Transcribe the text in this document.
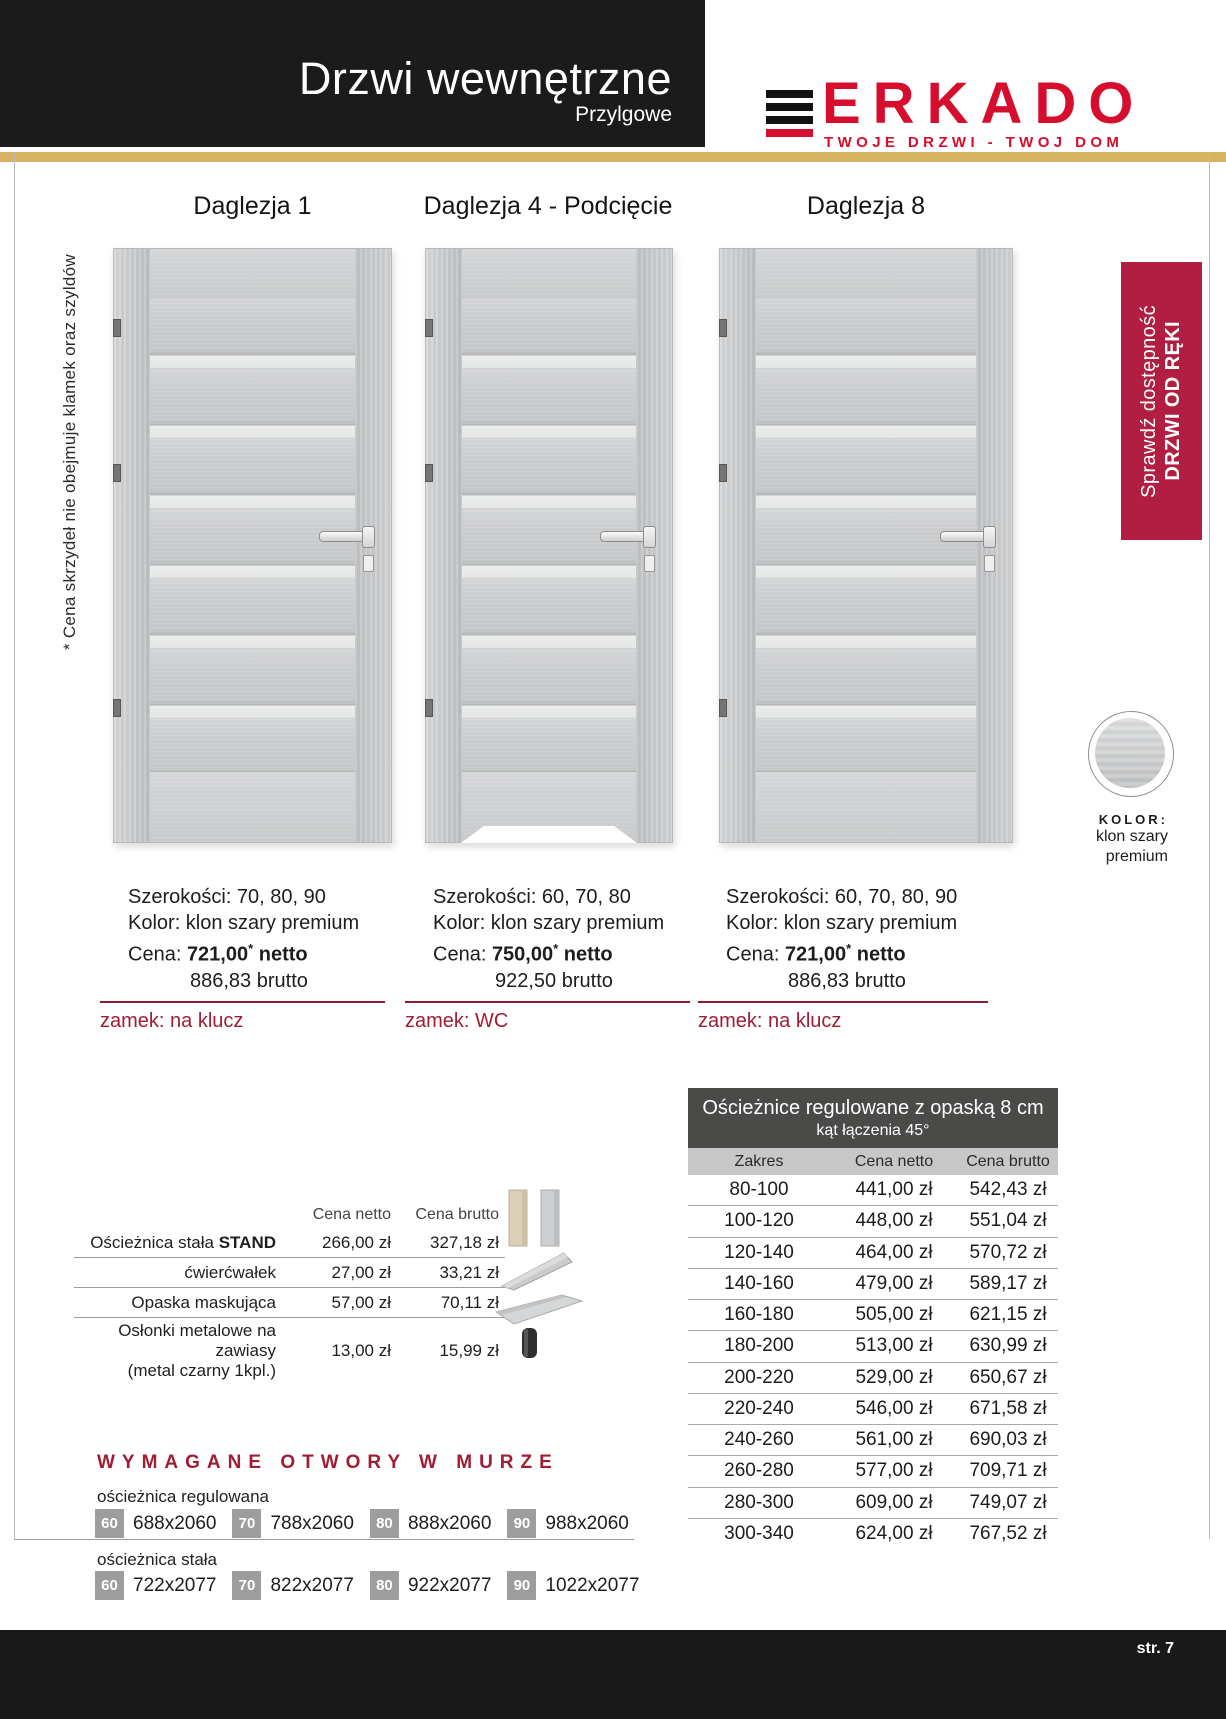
Drzwi wewnętrzne
Przylgowe	ERKADO
TWOJE DRZWI - TWOJ DOM
* Cena skrzydeł nie obejmuje klamek oraz szyldów	Sprawdź dostępność DRZWI OD RĘKI
Daglezja 1	Daglezja 4 - Podcięcie	Daglezja 8
Szerokości: 70, 80, 90
Kolor: klon szary premium
Cena: 721,00* netto
886,83 brutto
zamek: na klucz
Szerokości: 60, 70, 80
Kolor: klon szary premium
Cena: 750,00* netto
922,50 brutto
zamek: WC
Szerokości: 60, 70, 80, 90
Kolor: klon szary premium
Cena: 721,00* netto
886,83 brutto
zamek: na klucz
KOLOR:
klon szary
premium
Cena netto	Cena brutto
Ościeżnica stała STAND	266,00 zł	327,18 zł
ćwierćwałek	27,00 zł	33,21 zł
Opaska maskująca	57,00 zł	70,11 zł
Osłonki metalowe na zawiasy
(metal czarny 1kpl.)
13,00 zł	15,99 zł
Ościeżnice regulowane z opaską 8 cm
kąt łączenia 45°
Zakres	Cena netto	Cena brutto
80-100	441,00 zł	542,43 zł
100-120	448,00 zł	551,04 zł
120-140	464,00 zł	570,72 zł
140-160	479,00 zł	589,17 zł
160-180	505,00 zł	621,15 zł
180-200	513,00 zł	630,99 zł
200-220	529,00 zł	650,67 zł
220-240	546,00 zł	671,58 zł
240-260	561,00 zł	690,03 zł
260-280	577,00 zł	709,71 zł
280-300	609,00 zł	749,07 zł
300-340	624,00 zł	767,52 zł
WYMAGANE OTWORY W MURZE
ościeżnica regulowana
60 688x2060	70 788x2060	80 888x2060	90 988x2060
ościeżnica stała
60 722x2077	70 822x2077	80 922x2077	90 1022x2077
str. 7
